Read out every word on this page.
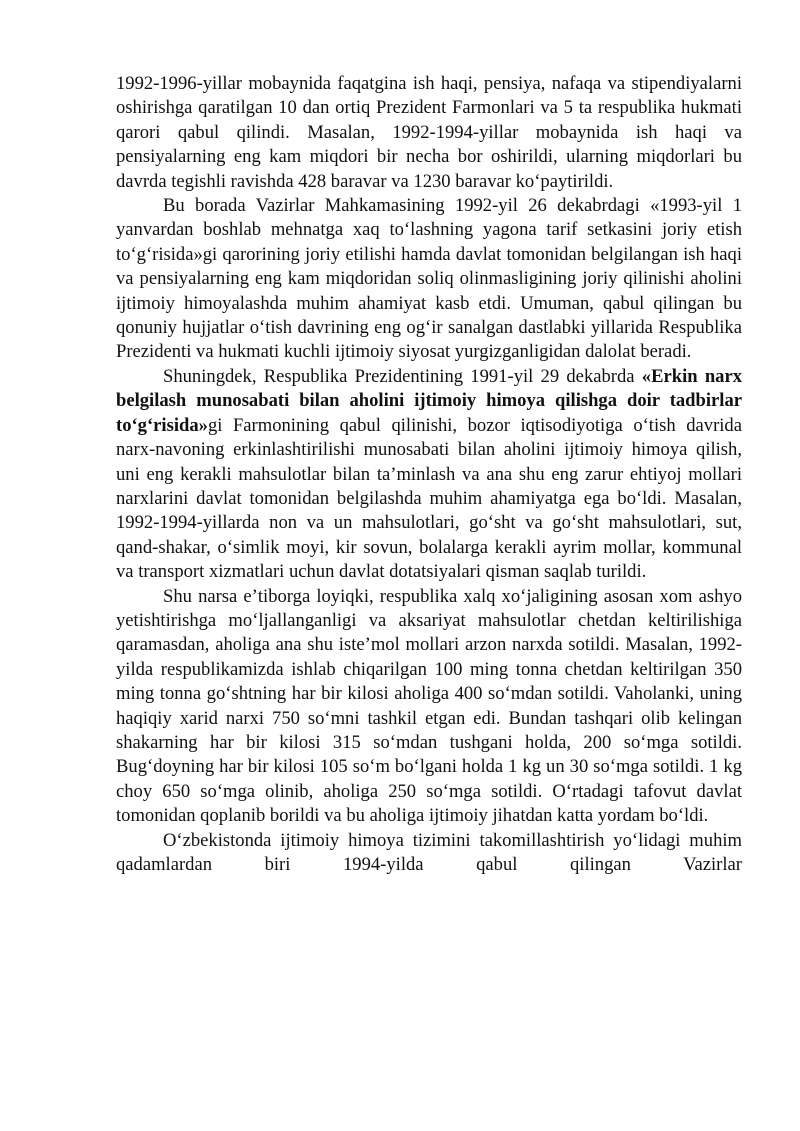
1992-1996-yillar mobaynida faqatgina ish haqi, pensiya, nafaqa va stipendiyalarni oshirishga qaratilgan 10 dan ortiq Prezident Farmonlari va 5 ta respublika hukmati qarori qabul qilindi. Masalan, 1992-1994-yillar mobaynida ish haqi va pensiyalarning eng kam miqdori bir necha bor oshirildi, ularning miqdorlari bu davrda tegishli ravishda 428 baravar va 1230 baravar koʻpaytirildi.

Bu borada Vazirlar Mahkamasining 1992-yil 26 dekabrdagi «1993-yil 1 yanvardan boshlab mehnatga xaq toʻlashning yagona tarif setkasini joriy etish toʻgʻrisida»gi qarorining joriy etilishi hamda davlat tomonidan belgilangan ish haqi va pensiyalarning eng kam miqdoridan soliq olinmasligining joriy qilinishi aholini ijtimoiy himoyalashda muhim ahamiyat kasb etdi. Umuman, qabul qilingan bu qonuniy hujjatlar oʻtish davrining eng ogʻir sanalgan dastlabki yillarida Respublika Prezidenti va hukmati kuchli ijtimoiy siyosat yurgizganligidan dalolat beradi.

Shuningdek, Respublika Prezidentining 1991-yil 29 dekabrda «Erkin narx belgilash munosabati bilan aholini ijtimoiy himoya qilishga doir tadbirlar toʻgʻrisida»gi Farmonining qabul qilinishi, bozor iqtisodiyotiga oʻtish davrida narx-navoning erkinlashtirilishi munosabati bilan aholini ijtimoiy himoya qilish, uni eng kerakli mahsulotlar bilan taʼminlash va ana shu eng zarur ehtiyoj mollari narxlarini davlat tomonidan belgilashda muhim ahamiyatga ega boʻldi. Masalan, 1992-1994-yillarda non va un mahsulotlari, goʻsht va goʻsht mahsulotlari, sut, qand-shakar, oʻsimlik moyi, kir sovun, bolalarga kerakli ayrim mollar, kommunal va transport xizmatlari uchun davlat dotatsiyalari qisman saqlab turildi.

Shu narsa eʼtiborga loyiqki, respublika xalq xoʻjaligining asosan xom ashyo yetishtirishga moʻljallanganligi va aksariyat mahsulotlar chetdan keltirilishiga qaramasdan, aholiga ana shu isteʼmol mollari arzon narxda sotildi. Masalan, 1992-yilda respublikamizda ishlab chiqarilgan 100 ming tonna chetdan keltirilgan 350 ming tonna goʻshtning har bir kilosi aholiga 400 soʻmdan sotildi. Vaholanki, uning haqiqiy xarid narxi 750 soʻmni tashkil etgan edi. Bundan tashqari olib kelingan shakarning har bir kilosi 315 soʻmdan tushgani holda, 200 soʻmga sotildi. Bugʻdoyning har bir kilosi 105 soʻm boʻlgani holda 1 kg un 30 soʻmga sotildi. 1 kg choy 650 soʻmga olinib, aholiga 250 soʻmga sotildi. Oʻrtadagi tafovut davlat tomonidan qoplanib borildi va bu aholiga ijtimoiy jihatdan katta yordam boʻldi.

Oʻzbekistonda ijtimoiy himoya tizimini takomillashtirish yoʻlidagi muhim qadamlardan biri 1994-yilda qabul qilingan Vazirlar
